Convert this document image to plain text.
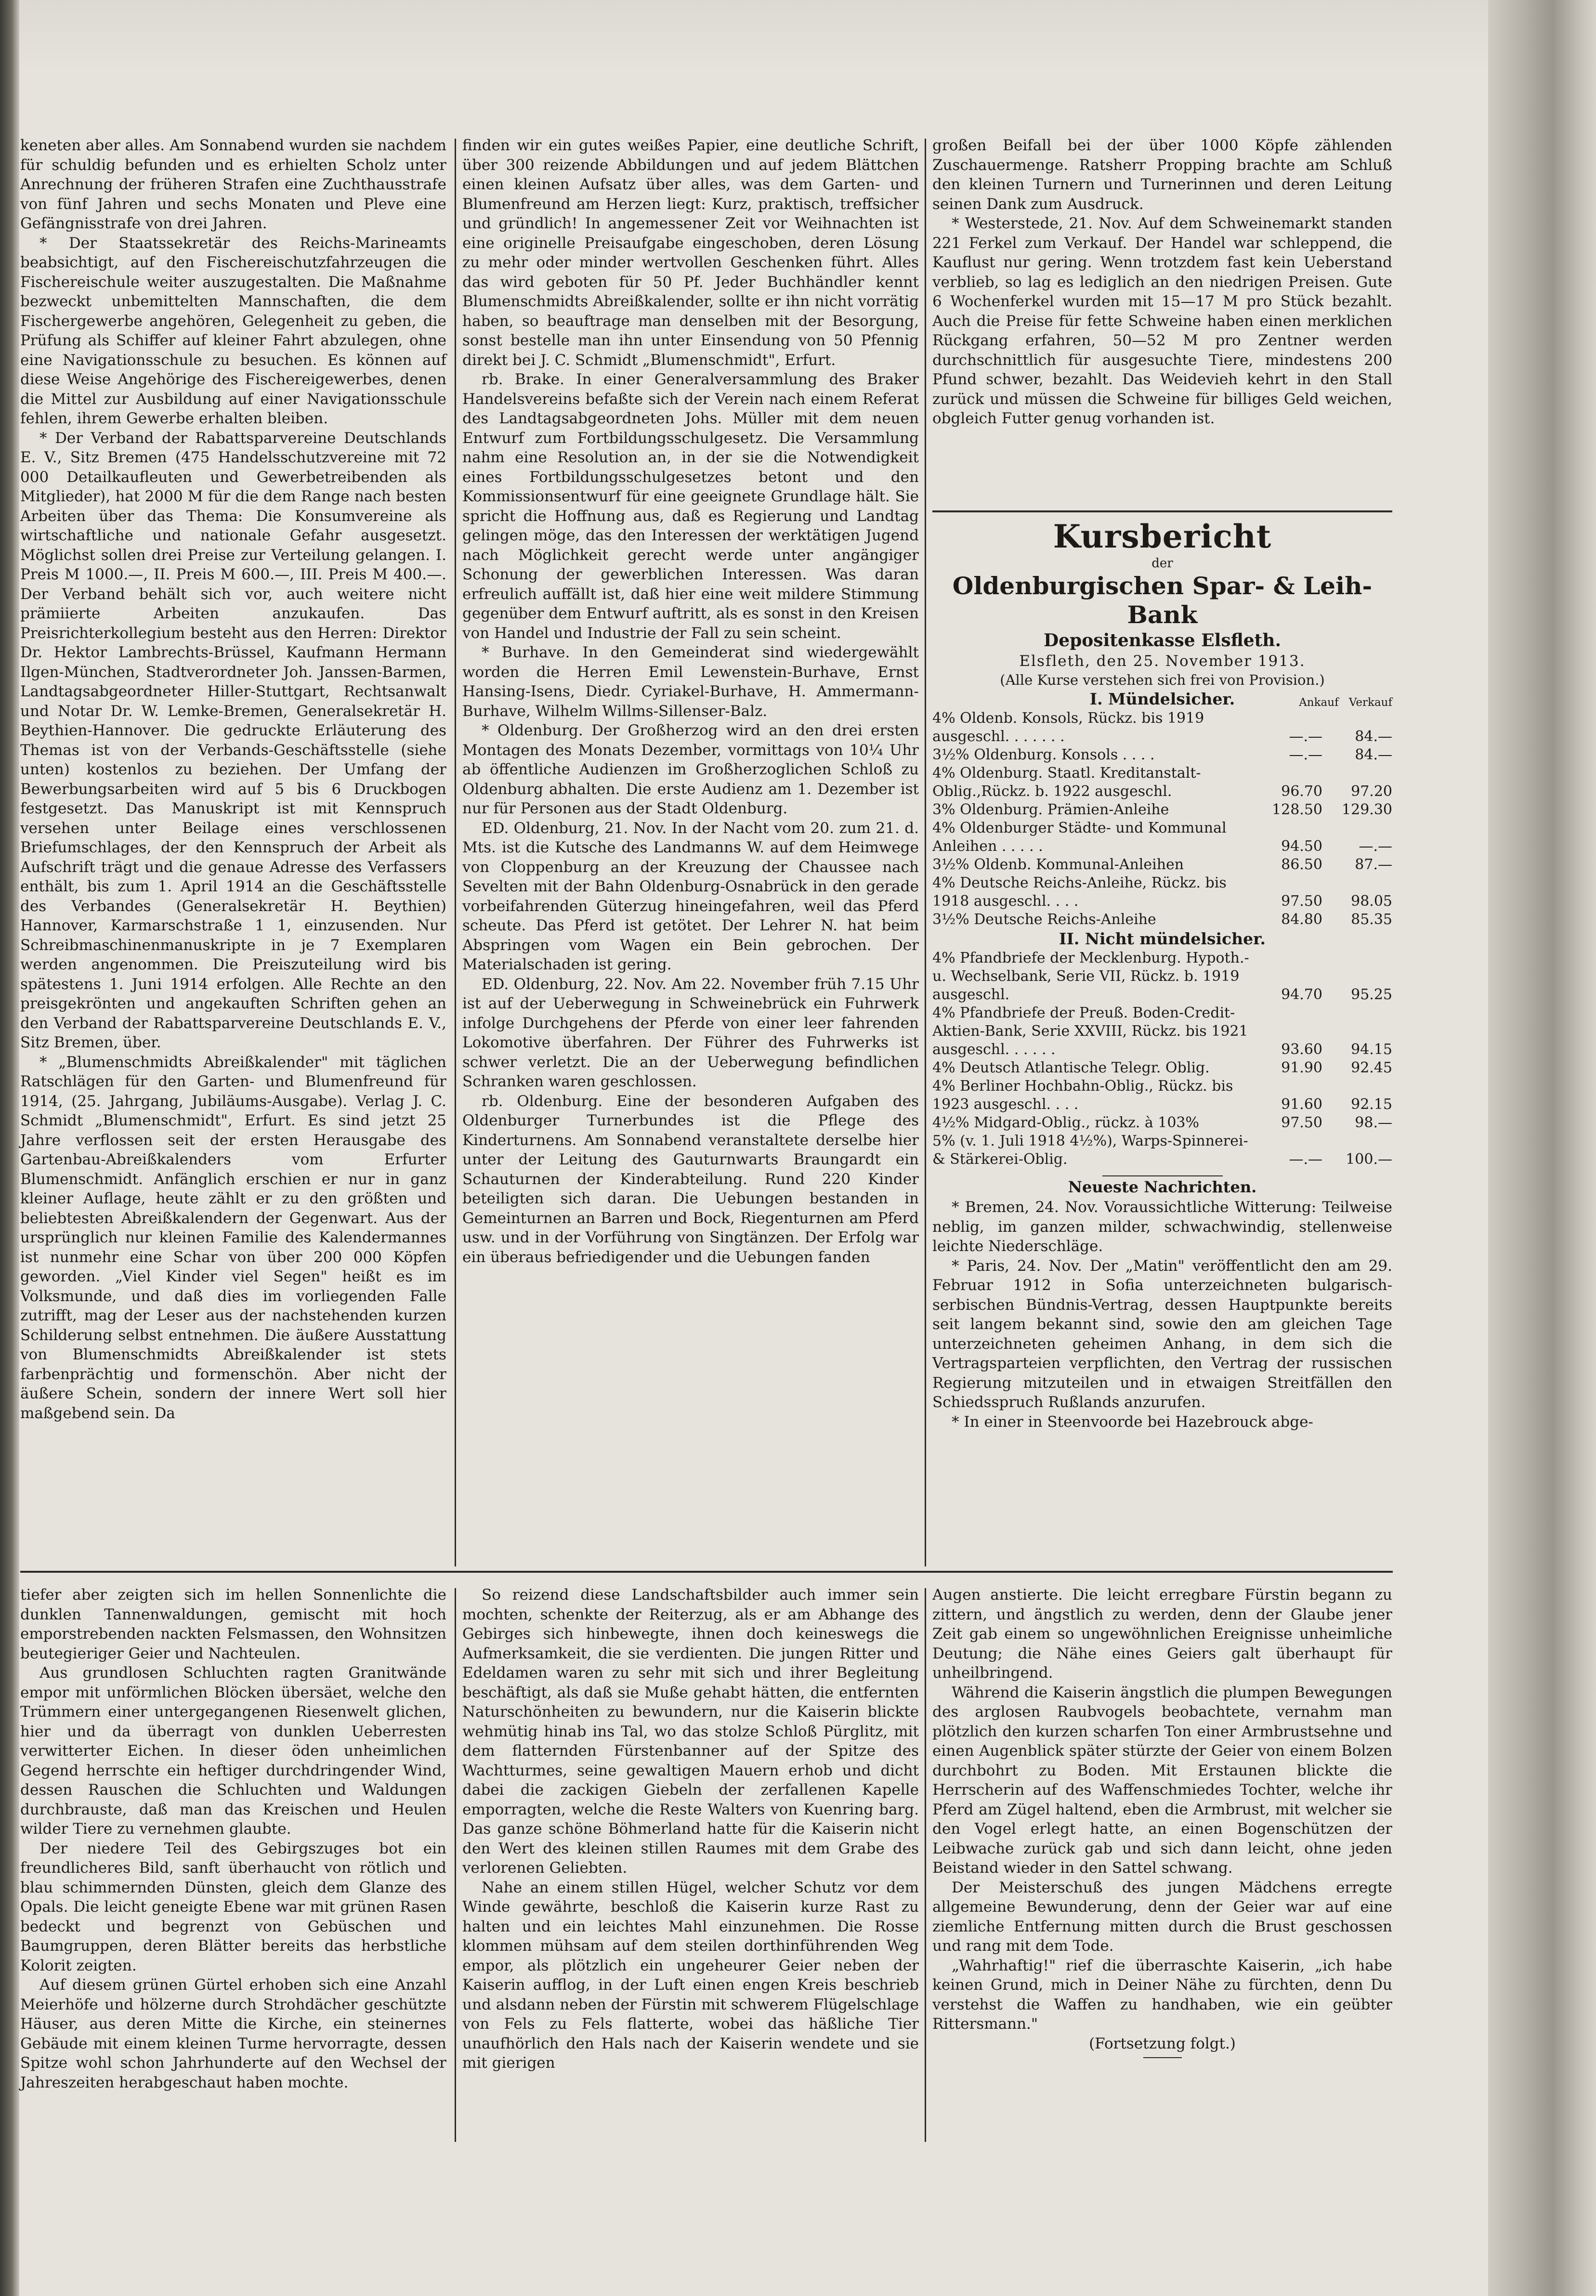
keneten aber alles. Am Sonnabend wurden sie nachdem für schuldig befunden und es erhielten Scholz unter Anrechnung der früheren Strafen eine Zuchthausstrafe von fünf Jahren und sechs Monaten und Pleve eine Gefängnisstrafe von drei Jahren.

* Der Staatssekretär des Reichs-Marineamts beabsichtigt, auf den Fischereischutzfahrzeugen die Fischereischule weiter auszugestalten. Die Maßnahme bezweckt unbemittelten Mannschaften, die dem Fischergewerbe angehören, Gelegenheit zu geben, die Prüfung als Schiffer auf kleiner Fahrt abzulegen, ohne eine Navigationsschule zu besuchen. Es können auf diese Weise Angehörige des Fischereigewerbes, denen die Mittel zur Ausbildung auf einer Navigationsschule fehlen, ihrem Gewerbe erhalten bleiben.

* Der Verband der Rabattsparvereine Deutschlands E. V., Sitz Bremen (475 Handelsschutzvereine mit 72 000 Detailkaufleuten und Gewerbetreibenden als Mitglieder), hat 2000 M für die dem Range nach besten Arbeiten über das Thema: Die Konsumvereine als wirtschaftliche und nationale Gefahr ausgesetzt. Möglichst sollen drei Preise zur Verteilung gelangen. I. Preis M 1000.—, II. Preis M 600.—, III. Preis M 400.—. Der Verband behält sich vor, auch weitere nicht prämiierte Arbeiten anzukaufen. Das Preisrichterkollegium besteht aus den Herren: Direktor Dr. Hektor Lambrechts-Brüssel, Kaufmann Hermann Ilgen-München, Stadtverordneter Joh. Janssen-Barmen, Landtagsabgeordneter Hiller-Stuttgart, Rechtsanwalt und Notar Dr. W. Lemke-Bremen, Generalsekretär H. Beythien-Hannover. Die gedruckte Erläuterung des Themas ist von der Verbands-Geschäftsstelle (siehe unten) kostenlos zu beziehen. Der Umfang der Bewerbungsarbeiten wird auf 5 bis 6 Druckbogen festgesetzt. Das Manuskript ist mit Kennspruch versehen unter Beilage eines verschlossenen Briefumschlages, der den Kennspruch der Arbeit als Aufschrift trägt und die genaue Adresse des Verfassers enthält, bis zum 1. April 1914 an die Geschäftsstelle des Verbandes (Generalsekretär H. Beythien) Hannover, Karmarschstraße 1 1, einzusenden. Nur Schreibmaschinenmanuskripte in je 7 Exemplaren werden angenommen. Die Preiszuteilung wird bis spätestens 1. Juni 1914 erfolgen. Alle Rechte an den preisgekrönten und angekauften Schriften gehen an den Verband der Rabattsparvereine Deutschlands E. V., Sitz Bremen, über.

* „Blumenschmidts Abreißkalender" mit täglichen Ratschlägen für den Garten- und Blumenfreund für 1914, (25. Jahrgang, Jubiläums-Ausgabe). Verlag J. C. Schmidt „Blumenschmidt", Erfurt. Es sind jetzt 25 Jahre verflossen seit der ersten Herausgabe des Gartenbau-Abreißkalenders vom Erfurter Blumenschmidt. Anfänglich erschien er nur in ganz kleiner Auflage, heute zählt er zu den größten und beliebtesten Abreißkalendern der Gegenwart. Aus der ursprünglich nur kleinen Familie des Kalendermannes ist nunmehr eine Schar von über 200 000 Köpfen geworden. „Viel Kinder viel Segen" heißt es im Volksmunde, und daß dies im vorliegenden Falle zutrifft, mag der Leser aus der nachstehenden kurzen Schilderung selbst entnehmen. Die äußere Ausstattung von Blumenschmidts Abreißkalender ist stets farbenprächtig und formenschön. Aber nicht der äußere Schein, sondern der innere Wert soll hier maßgebend sein. Da

finden wir ein gutes weißes Papier, eine deutliche Schrift, über 300 reizende Abbildungen und auf jedem Blättchen einen kleinen Aufsatz über alles, was dem Garten- und Blumenfreund am Herzen liegt: Kurz, praktisch, treffsicher und gründlich! In angemessener Zeit vor Weihnachten ist eine originelle Preisaufgabe eingeschoben, deren Lösung zu mehr oder minder wertvollen Geschenken führt. Alles das wird geboten für 50 Pf. Jeder Buchhändler kennt Blumenschmidts Abreißkalender, sollte er ihn nicht vorrätig haben, so beauftrage man denselben mit der Besorgung, sonst bestelle man ihn unter Einsendung von 50 Pfennig direkt bei J. C. Schmidt „Blumenschmidt", Erfurt.

rb. Brake. In einer Generalversammlung des Braker Handelsvereins befaßte sich der Verein nach einem Referat des Landtagsabgeordneten Johs. Müller mit dem neuen Entwurf zum Fortbildungsschulgesetz. Die Versammlung nahm eine Resolution an, in der sie die Notwendigkeit eines Fortbildungsschulgesetzes betont und den Kommissionsentwurf für eine geeignete Grundlage hält. Sie spricht die Hoffnung aus, daß es Regierung und Landtag gelingen möge, das den Interessen der werktätigen Jugend nach Möglichkeit gerecht werde unter angängiger Schonung der gewerblichen Interessen. Was daran erfreulich auffällt ist, daß hier eine weit mildere Stimmung gegenüber dem Entwurf auftritt, als es sonst in den Kreisen von Handel und Industrie der Fall zu sein scheint.

* Burhave. In den Gemeinderat sind wiedergewählt worden die Herren Emil Lewenstein-Burhave, Ernst Hansing-Isens, Diedr. Cyriakel-Burhave, H. Ammermann-Burhave, Wilhelm Willms-Sillenser-Balz.

* Oldenburg. Der Großherzog wird an den drei ersten Montagen des Monats Dezember, vormittags von 10¼ Uhr ab öffentliche Audienzen im Großherzoglichen Schloß zu Oldenburg abhalten. Die erste Audienz am 1. Dezember ist nur für Personen aus der Stadt Oldenburg.

ED. Oldenburg, 21. Nov. In der Nacht vom 20. zum 21. d. Mts. ist die Kutsche des Landmanns W. auf dem Heimwege von Cloppenburg an der Kreuzung der Chaussee nach Sevelten mit der Bahn Oldenburg-Osnabrück in den gerade vorbeifahrenden Güterzug hineingefahren, weil das Pferd scheute. Das Pferd ist getötet. Der Lehrer N. hat beim Abspringen vom Wagen ein Bein gebrochen. Der Materialschaden ist gering.

ED. Oldenburg, 22. Nov. Am 22. November früh 7.15 Uhr ist auf der Ueberwegung in Schweinebrück ein Fuhrwerk infolge Durchgehens der Pferde von einer leer fahrenden Lokomotive überfahren. Der Führer des Fuhrwerks ist schwer verletzt. Die an der Ueberwegung befindlichen Schranken waren geschlossen.

rb. Oldenburg. Eine der besonderen Aufgaben des Oldenburger Turnerbundes ist die Pflege des Kinderturnens. Am Sonnabend veranstaltete derselbe hier unter der Leitung des Gauturnwarts Braungardt ein Schauturnen der Kinderabteilung. Rund 220 Kinder beteiligten sich daran. Die Uebungen bestanden in Gemeinturnen an Barren und Bock, Riegenturnen am Pferd usw. und in der Vorführung von Singtänzen. Der Erfolg war ein überaus befriedigender und die Uebungen fanden

großen Beifall bei der über 1000 Köpfe zählenden Zuschauermenge. Ratsherr Propping brachte am Schluß den kleinen Turnern und Turnerinnen und deren Leitung seinen Dank zum Ausdruck.

* Westerstede, 21. Nov. Auf dem Schweinemarkt standen 221 Ferkel zum Verkauf. Der Handel war schleppend, die Kauflust nur gering. Wenn trotzdem fast kein Ueberstand verblieb, so lag es lediglich an den niedrigen Preisen. Gute 6 Wochenferkel wurden mit 15—17 M pro Stück bezahlt. Auch die Preise für fette Schweine haben einen merklichen Rückgang erfahren, 50—52 M pro Zentner werden durchschnittlich für ausgesuchte Tiere, mindestens 200 Pfund schwer, bezahlt. Das Weidevieh kehrt in den Stall zurück und müssen die Schweine für billiges Geld weichen, obgleich Futter genug vorhanden ist.

Kursbericht
der
Oldenburgischen Spar- & Leih-Bank
Depositenkasse Elsfleth.
Elsfleth, den 25. November 1913.
(Alle Kurse verstehen sich frei von Provision.)
I. Mündelsicher.	Ankauf Verkauf
4% Oldenb. Konsols, Rückz. bis 1919 ausgeschl. . . . . . .	—.—	84.—
3½% Oldenburg. Konsols . . . .	—.—	84.—
4% Oldenburg. Staatl. Kreditanstalt-Oblig.,Rückz. b. 1922 ausgeschl.	96.70	97.20
3% Oldenburg. Prämien-Anleihe	128.50	129.30
4% Oldenburger Städte- und Kommunal Anleihen . . . . .	94.50	—.—
3½% Oldenb. Kommunal-Anleihen	86.50	87.—
4% Deutsche Reichs-Anleihe, Rückz. bis 1918 ausgeschl. . . .	97.50	98.05
3½% Deutsche Reichs-Anleihe	84.80	85.35
II. Nicht mündelsicher.
4% Pfandbriefe der Mecklenburg. Hypoth.- u. Wechselbank, Serie VII, Rückz. b. 1919 ausgeschl.	94.70	95.25
4% Pfandbriefe der Preuß. Boden-Credit-Aktien-Bank, Serie XXVIII, Rückz. bis 1921 ausgeschl. . . . . .	93.60	94.15
4% Deutsch Atlantische Telegr. Oblig.	91.90	92.45
4% Berliner Hochbahn-Oblig., Rückz. bis 1923 ausgeschl. . . .	91.60	92.15
4½% Midgard-Oblig., rückz. à 103%	97.50	98.—
5% (v. 1. Juli 1918 4½%), Warps-Spinnerei- & Stärkerei-Oblig.	—.—	100.—
Neueste Nachrichten.

* Bremen, 24. Nov. Voraussichtliche Witterung: Teilweise neblig, im ganzen milder, schwachwindig, stellenweise leichte Niederschläge.

* Paris, 24. Nov. Der „Matin" veröffentlicht den am 29. Februar 1912 in Sofia unterzeichneten bulgarisch-serbischen Bündnis-Vertrag, dessen Hauptpunkte bereits seit langem bekannt sind, sowie den am gleichen Tage unterzeichneten geheimen Anhang, in dem sich die Vertragsparteien verpflichten, den Vertrag der russischen Regierung mitzuteilen und in etwaigen Streitfällen den Schiedsspruch Rußlands anzurufen.

* In einer in Steenvoorde bei Hazebrouck abge-

tiefer aber zeigten sich im hellen Sonnenlichte die dunklen Tannenwaldungen, gemischt mit hoch emporstrebenden nackten Felsmassen, den Wohnsitzen beutegieriger Geier und Nachteulen.

Aus grundlosen Schluchten ragten Granitwände empor mit unförmlichen Blöcken übersäet, welche den Trümmern einer untergegangenen Riesenwelt glichen, hier und da überragt von dunklen Ueberresten verwitterter Eichen. In dieser öden unheimlichen Gegend herrschte ein heftiger durchdringender Wind, dessen Rauschen die Schluchten und Waldungen durchbrauste, daß man das Kreischen und Heulen wilder Tiere zu vernehmen glaubte.

Der niedere Teil des Gebirgszuges bot ein freundlicheres Bild, sanft überhaucht von rötlich und blau schimmernden Dünsten, gleich dem Glanze des Opals. Die leicht geneigte Ebene war mit grünen Rasen bedeckt und begrenzt von Gebüschen und Baumgruppen, deren Blätter bereits das herbstliche Kolorit zeigten.

Auf diesem grünen Gürtel erhoben sich eine Anzahl Meierhöfe und hölzerne durch Strohdächer geschützte Häuser, aus deren Mitte die Kirche, ein steinernes Gebäude mit einem kleinen Turme hervorragte, dessen Spitze wohl schon Jahrhunderte auf den Wechsel der Jahreszeiten herabgeschaut haben mochte.

So reizend diese Landschaftsbilder auch immer sein mochten, schenkte der Reiterzug, als er am Abhange des Gebirges sich hinbewegte, ihnen doch keineswegs die Aufmerksamkeit, die sie verdienten. Die jungen Ritter und Edeldamen waren zu sehr mit sich und ihrer Begleitung beschäftigt, als daß sie Muße gehabt hätten, die entfernten Naturschönheiten zu bewundern, nur die Kaiserin blickte wehmütig hinab ins Tal, wo das stolze Schloß Pürglitz, mit dem flatternden Fürstenbanner auf der Spitze des Wachtturmes, seine gewaltigen Mauern erhob und dicht dabei die zackigen Giebeln der zerfallenen Kapelle emporragten, welche die Reste Walters von Kuenring barg. Das ganze schöne Böhmerland hatte für die Kaiserin nicht den Wert des kleinen stillen Raumes mit dem Grabe des verlorenen Geliebten.

Nahe an einem stillen Hügel, welcher Schutz vor dem Winde gewährte, beschloß die Kaiserin kurze Rast zu halten und ein leichtes Mahl einzunehmen. Die Rosse klommen mühsam auf dem steilen dorthinführenden Weg empor, als plötzlich ein ungeheurer Geier neben der Kaiserin aufflog, in der Luft einen engen Kreis beschrieb und alsdann neben der Fürstin mit schwerem Flügelschlage von Fels zu Fels flatterte, wobei das häßliche Tier unaufhörlich den Hals nach der Kaiserin wendete und sie mit gierigen

Augen anstierte. Die leicht erregbare Fürstin begann zu zittern, und ängstlich zu werden, denn der Glaube jener Zeit gab einem so ungewöhnlichen Ereignisse unheimliche Deutung; die Nähe eines Geiers galt überhaupt für unheilbringend.

Während die Kaiserin ängstlich die plumpen Bewegungen des arglosen Raubvogels beobachtete, vernahm man plötzlich den kurzen scharfen Ton einer Armbrustsehne und einen Augenblick später stürzte der Geier von einem Bolzen durchbohrt zu Boden. Mit Erstaunen blickte die Herrscherin auf des Waffenschmiedes Tochter, welche ihr Pferd am Zügel haltend, eben die Armbrust, mit welcher sie den Vogel erlegt hatte, an einen Bogenschützen der Leibwache zurück gab und sich dann leicht, ohne jeden Beistand wieder in den Sattel schwang.

Der Meisterschuß des jungen Mädchens erregte allgemeine Bewunderung, denn der Geier war auf eine ziemliche Entfernung mitten durch die Brust geschossen und rang mit dem Tode.

„Wahrhaftig!" rief die überraschte Kaiserin, „ich habe keinen Grund, mich in Deiner Nähe zu fürchten, denn Du verstehst die Waffen zu handhaben, wie ein geübter Rittersmann."

(Fortsetzung folgt.)
